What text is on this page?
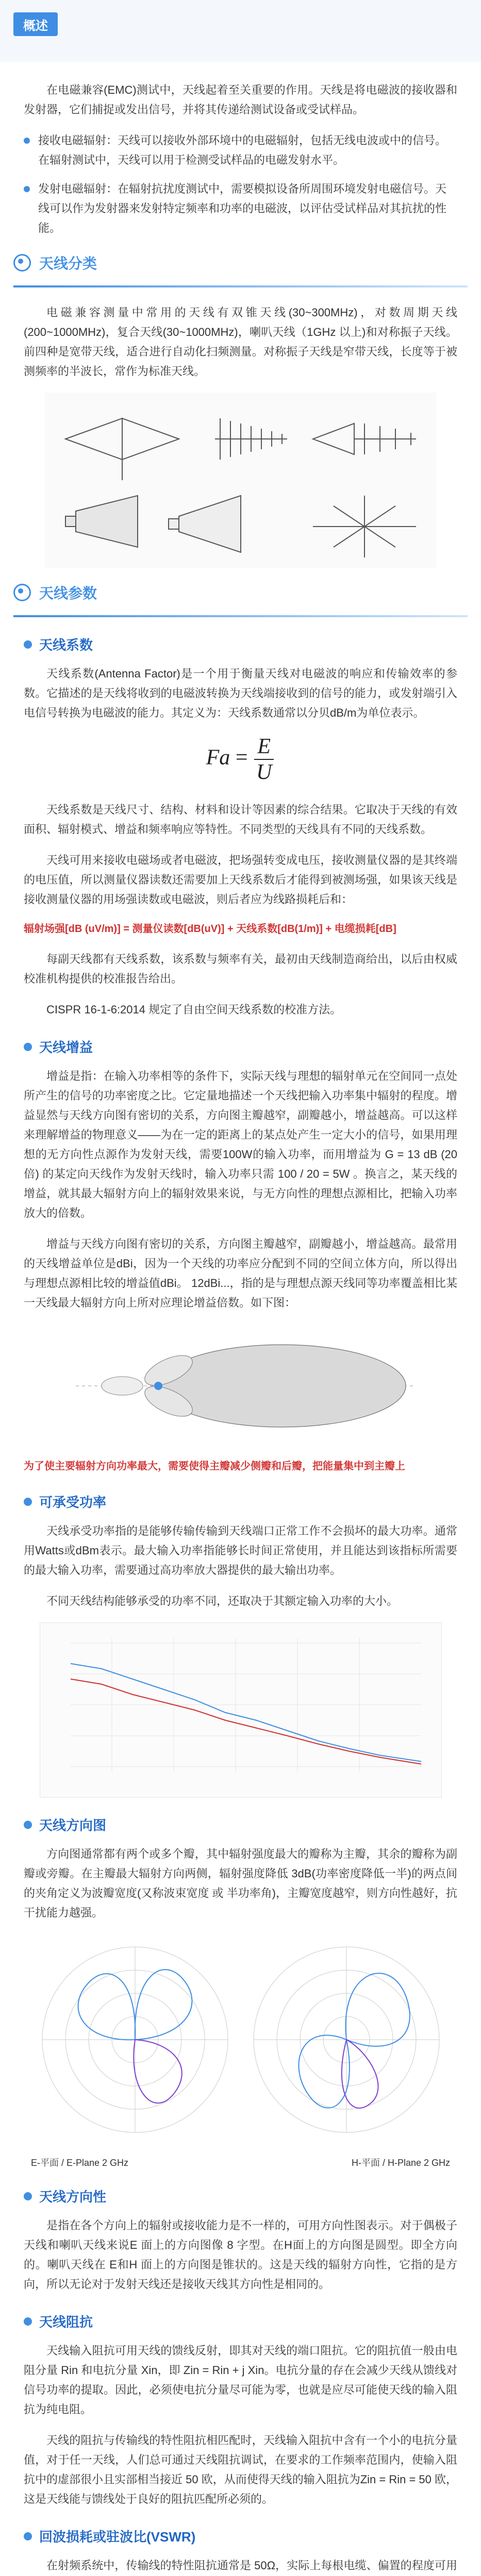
概述

在电磁兼容(EMC)测试中，天线起着至关重要的作用。天线是将电磁波的接收器和发射器，它们捕捉或发出信号，并将其传递给测试设备或受试样品。

接收电磁辐射：天线可以接收外部环境中的电磁辐射，包括无线电波或中的信号。在辐射测试中，天线可以用于检测受试样品的电磁发射水平。
发射电磁辐射：在辐射抗扰度测试中，需要模拟设备所周围环境发射电磁信号。天线可以作为发射器来发射特定频率和功率的电磁波，以评估受试样品对其抗扰的性能。
天线分类

电磁兼容测量中常用的天线有双锥天线(30~300MHz)，对数周期天线(200~1000MHz)，复合天线(30~1000MHz)，喇叭天线（1GHz 以上)和对称振子天线。前四种是宽带天线，适合进行自动化扫频测量。对称振子天线是窄带天线，长度等于被测频率的半波长，常作为标准天线。

天线参数
天线系数

天线系数(Antenna Factor)是一个用于衡量天线对电磁波的响应和传输效率的参数。它描述的是天线将收到的电磁波转换为天线端接收到的信号的能力，或发射端引入电信号转换为电磁波的能力。其定义为：天线系数通常以分贝dB/m为单位表示。

$Fa = \frac{E}{U}$

天线系数是天线尺寸、结构、材料和设计等因素的综合结果。它取决于天线的有效面积、辐射模式、增益和频率响应等特性。不同类型的天线具有不同的天线系数。

天线可用来接收电磁场或者电磁波，把场强转变成电压，接收测量仪器的是其终端的电压值，所以测量仪器读数还需要加上天线系数后才能得到被测场强，如果该天线是接收测量仪器的用场强读数或电磁波，则后者应为线路损耗后和：

辐射场强[dB (uV/m)] = 测量仪读数[dB(uV)] + 天线系数[dB(1/m)] + 电缆损耗[dB]

每副天线都有天线系数，该系数与频率有关，最初由天线制造商给出，以后由权威校准机构提供的校准报告给出。

CISPR 16-1-6:2014 规定了自由空间天线系数的校准方法。

天线增益

增益是指：在输入功率相等的条件下，实际天线与理想的辐射单元在空间同一点处所产生的信号的功率密度之比。它定量地描述一个天线把输入功率集中辐射的程度。增益显然与天线方向图有密切的关系，方向图主瓣越窄，副瓣越小，增益越高。可以这样来理解增益的物理意义——为在一定的距离上的某点处产生一定大小的信号，如果用理想的无方向性点源作为发射天线，需要100W的输入功率，而用增益为 G = 13 dB (20倍) 的某定向天线作为发射天线时，输入功率只需 100 / 20 = 5W 。换言之，某天线的增益，就其最大辐射方向上的辐射效果来说，与无方向性的理想点源相比，把输入功率放大的倍数。

增益与天线方向图有密切的关系，方向图主瓣越窄，副瓣越小，增益越高。最常用的天线增益单位是dBi，因为一个天线的功率应分配到不同的空间立体方向，所以得出与理想点源相比较的增益值dBi。 12dBi...，指的是与理想点源天线同等功率覆盖相比某一天线最大辐射方向上所对应理论增益倍数。如下图：

为了使主要辐射方向功率最大，需要使得主瓣减少侧瓣和后瓣，把能量集中到主瓣上
可承受功率

天线承受功率指的是能够传输传输到天线端口正常工作不会损坏的最大功率。通常用Watts或dBm表示。最大输入功率指能够长时间正常使用，并且能达到该指标所需要的最大输入功率，需要通过高功率放大器提供的最大输出功率。

不同天线结构能够承受的功率不同，还取决于其额定输入功率的大小。

天线方向图

方向图通常都有两个或多个瓣，其中辐射强度最大的瓣称为主瓣，其余的瓣称为副瓣或旁瓣。在主瓣最大辐射方向两侧，辐射强度降低 3dB(功率密度降低一半)的两点间的夹角定义为波瓣宽度(又称波束宽度 或 半功率角)，主瓣宽度越窄，则方向性越好，抗干扰能力越强。

E-平面 / E-Plane 2 GHz	H-平面 / H-Plane 2 GHz
天线方向性

是指在各个方向上的辐射或接收能力是不一样的，可用方向性图表示。对于偶极子天线和喇叭天线来说E 面上的方向图像 8 字型。在H面上的方向图是圆型。即全方向的。喇叭天线在 E和H 面上的方向图是锥状的。这是天线的辐射方向性，它指的是方向，所以无论对于发射天线还是接收天线其方向性是相同的。

天线阻抗

天线输入阻抗可用天线的馈线反射，即其对天线的端口阻抗。它的阻抗值一般由电阻分量 Rin 和电抗分量 Xin，即 Zin = Rin + j Xin。电抗分量的存在会减少天线从馈线对信号功率的提取。因此，必须使电抗分量尽可能为零，也就是应尽可能使天线的输入阻抗为纯电阻。

天线的阻抗与传输线的特性阻抗相匹配时，天线输入阻抗中含有一个小的电抗分量值，对于任一天线，人们总可通过天线阻抗调试，在要求的工作频率范围内，使输入阻抗中的虚部很小且实部相当接近 50 欧，从而使得天线的输入阻抗为Zin = Rin = 50 欧，这是天线能与馈线处于良好的阻抗匹配所必须的。

回波损耗或驻波比(VSWR)

在射频系统中，传输线的特性阻抗通常是 50Ω，实际上每根电缆、偏置的程度可用
